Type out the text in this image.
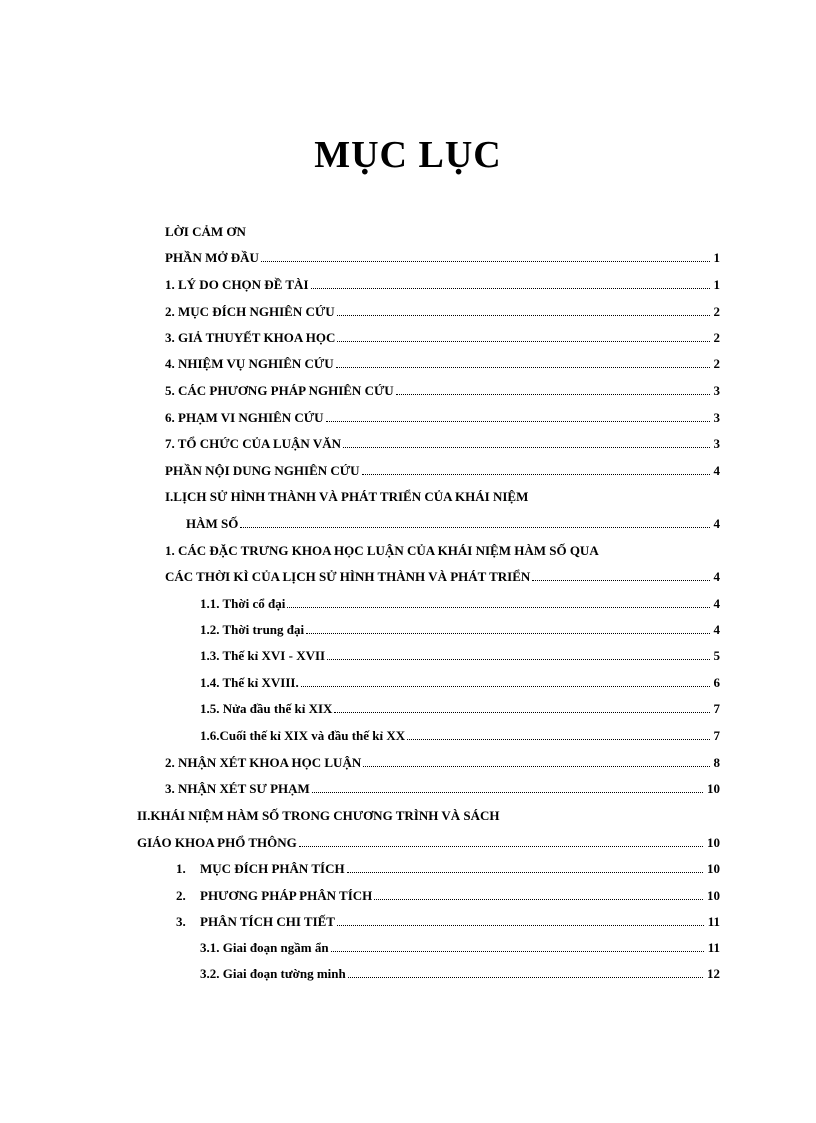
MỤC LỤC
LỜI CẢM ƠN
PHẦN MỞ ĐẦU	1
1. LÝ DO CHỌN ĐỀ TÀI	1
2. MỤC ĐÍCH NGHIÊN CỨU	2
3. GIẢ THUYẾT KHOA HỌC	2
4. NHIỆM VỤ NGHIÊN CỨU	2
5. CÁC PHƯƠNG PHÁP NGHIÊN CỨU	3
6. PHẠM VI NGHIÊN CỨU	3
7. TỔ CHỨC CỦA LUẬN VĂN	3
PHẦN NỘI DUNG NGHIÊN CỨU	4
I.LỊCH SỬ HÌNH THÀNH VÀ PHÁT TRIỂN CỦA KHÁI NIỆM
HÀM SỐ	4
1. CÁC ĐẶC TRƯNG KHOA HỌC LUẬN CỦA KHÁI NIỆM HÀM SỐ QUA
CÁC THỜI KÌ CỦA LỊCH SỬ HÌNH THÀNH VÀ PHÁT TRIỂN	4
1.1. Thời cổ đại	4
1.2. Thời trung đại	4
1.3. Thế kỉ XVI - XVII	5
1.4. Thế kỉ XVIII.	6
1.5. Nửa đầu thế kỉ XIX	7
1.6.Cuối thế kỉ XIX và đầu thế kỉ XX	7
2. NHẬN XÉT KHOA HỌC LUẬN	8
3. NHẬN XÉT SƯ PHẠM	10
II.KHÁI NIỆM HÀM SỐ TRONG CHƯƠNG TRÌNH VÀ SÁCH
GIÁO KHOA PHỔ THÔNG	10
1. MỤC ĐÍCH PHÂN TÍCH	10
2. PHƯƠNG PHÁP PHÂN TÍCH	10
3. PHÂN TÍCH CHI TIẾT	11
3.1. Giai đoạn ngầm ẩn	11
3.2. Giai đoạn tường minh	12
